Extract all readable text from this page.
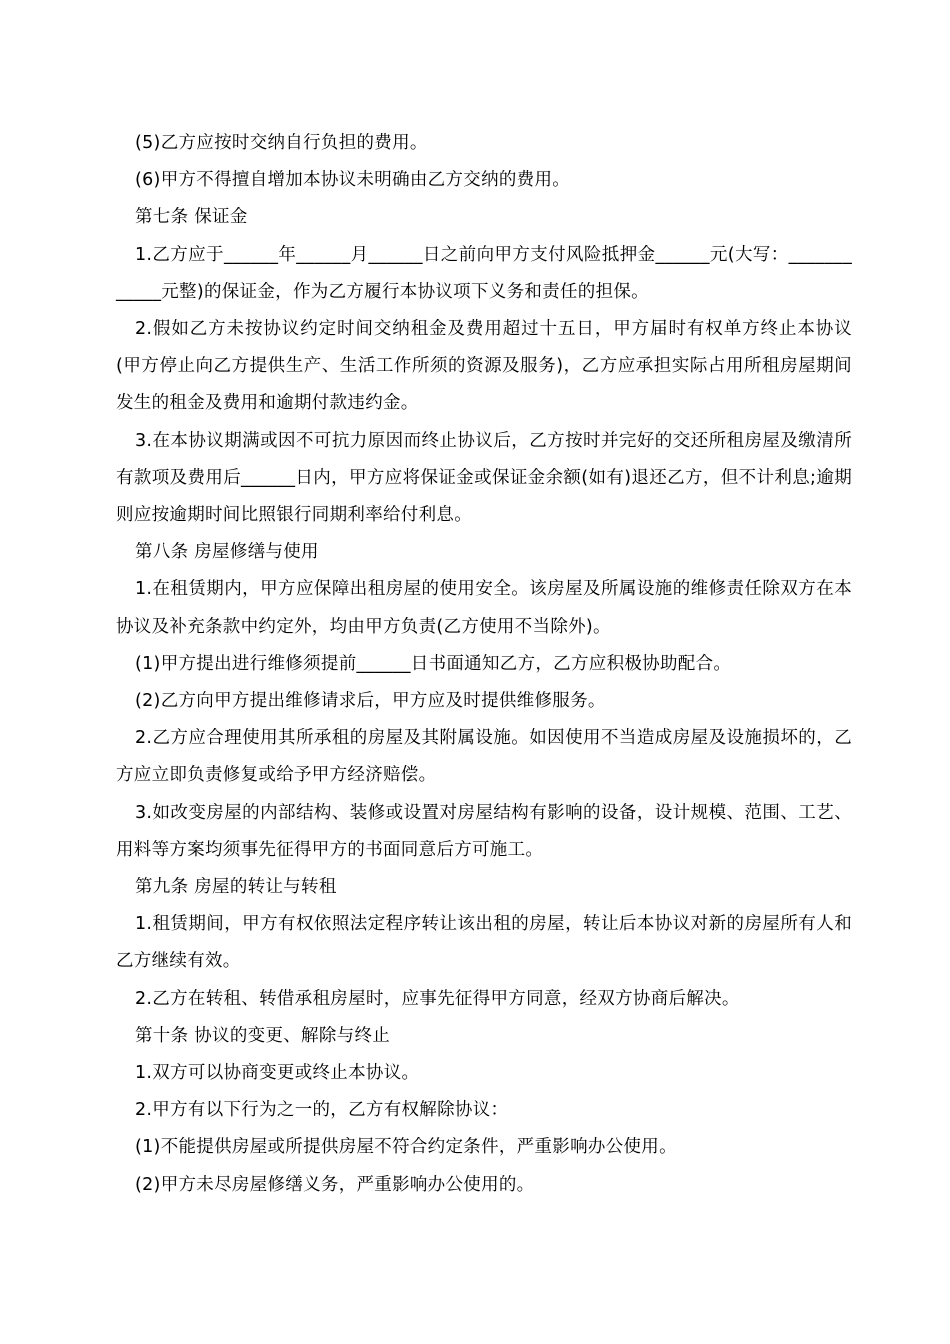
(5)乙方应按时交纳自行负担的费用。

(6)甲方不得擅自增加本协议未明确由乙方交纳的费用。

第七条 保证金

1.乙方应于______年______月______日之前向甲方支付风险抵押金______元(大写：____________元整)的保证金，作为乙方履行本协议项下义务和责任的担保。

2.假如乙方未按协议约定时间交纳租金及费用超过十五日，甲方届时有权单方终止本协议(甲方停止向乙方提供生产、生活工作所须的资源及服务)，乙方应承担实际占用所租房屋期间发生的租金及费用和逾期付款违约金。

3.在本协议期满或因不可抗力原因而终止协议后，乙方按时并完好的交还所租房屋及缴清所有款项及费用后______日内，甲方应将保证金或保证金余额(如有)退还乙方，但不计利息;逾期则应按逾期时间比照银行同期利率给付利息。

第八条 房屋修缮与使用

1.在租赁期内，甲方应保障出租房屋的使用安全。该房屋及所属设施的维修责任除双方在本协议及补充条款中约定外，均由甲方负责(乙方使用不当除外)。

(1)甲方提出进行维修须提前______日书面通知乙方，乙方应积极协助配合。

(2)乙方向甲方提出维修请求后，甲方应及时提供维修服务。

2.乙方应合理使用其所承租的房屋及其附属设施。如因使用不当造成房屋及设施损坏的，乙方应立即负责修复或给予甲方经济赔偿。

3.如改变房屋的内部结构、装修或设置对房屋结构有影响的设备，设计规模、范围、工艺、用料等方案均须事先征得甲方的书面同意后方可施工。

第九条 房屋的转让与转租

1.租赁期间，甲方有权依照法定程序转让该出租的房屋，转让后本协议对新的房屋所有人和乙方继续有效。

2.乙方在转租、转借承租房屋时，应事先征得甲方同意，经双方协商后解决。

第十条 协议的变更、解除与终止

1.双方可以协商变更或终止本协议。

2.甲方有以下行为之一的，乙方有权解除协议：

(1)不能提供房屋或所提供房屋不符合约定条件，严重影响办公使用。

(2)甲方未尽房屋修缮义务，严重影响办公使用的。
